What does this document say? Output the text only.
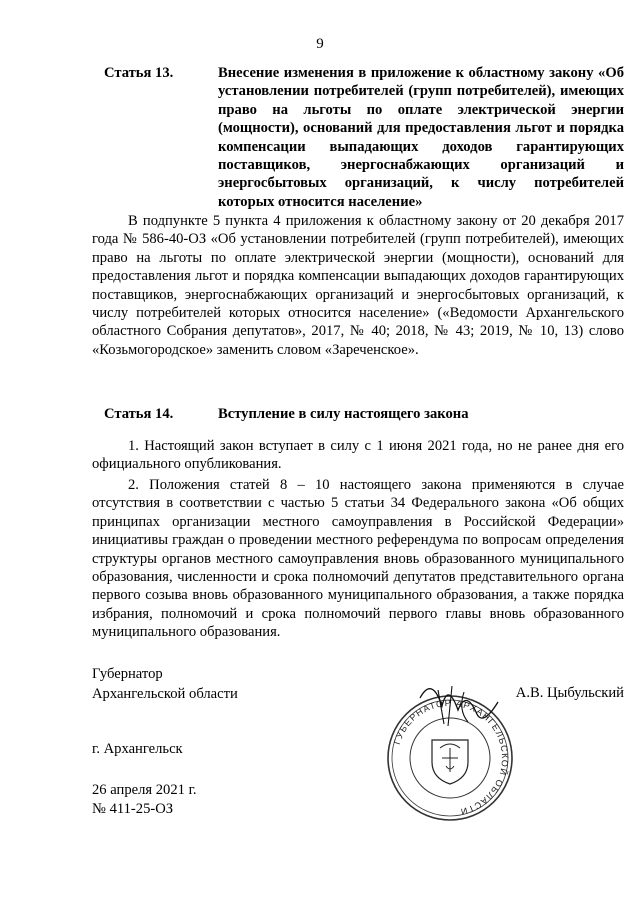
9
Статья 13.	Внесение изменения в приложение к областному закону «Об установлении потребителей (групп потребителей), имеющих право на льготы по оплате электрической энергии (мощности), оснований для предоставления льгот и порядка компенсации выпадающих доходов гарантирующих поставщиков, энергоснабжающих организаций и энергосбытовых организаций, к числу потребителей которых относится население»

В подпункте 5 пункта 4 приложения к областному закону от 20 декабря 2017 года № 586-40-ОЗ «Об установлении потребителей (групп потребителей), имеющих право на льготы по оплате электрической энергии (мощности), оснований для предоставления льгот и порядка компенсации выпадающих доходов гарантирующих поставщиков, энергоснабжающих организаций и энергосбытовых организаций, к числу потребителей которых относится население» («Ведомости Архангельского областного Собрания депутатов», 2017, № 40; 2018, № 43; 2019, № 10, 13) слово «Козьмогородское» заменить словом «Зареченское».

Статья 14.	Вступление в силу настоящего закона

1. Настоящий закон вступает в силу с 1 июня 2021 года, но не ранее дня его официального опубликования.

2. Положения статей 8 – 10 настоящего закона применяются в случае отсутствия в соответствии с частью 5 статьи 34 Федерального закона «Об общих принципах организации местного самоуправления в Российской Федерации» инициативы граждан о проведении местного референдума по вопросам определения структуры органов местного самоуправления вновь образованного муниципального образования, численности и срока полномочий депутатов представительного органа первого созыва вновь образованного муниципального образования, а также порядка избрания, полномочий и срока полномочий первого главы вновь образованного муниципального образования.

Губернатор
Архангельской области
ГУБЕРНАТОР АРХАНГЕЛЬСКОЙ ОБЛАСТИ
А.В. Цыбульский
г. Архангельск
26 апреля 2021 г.
№ 411-25-ОЗ
